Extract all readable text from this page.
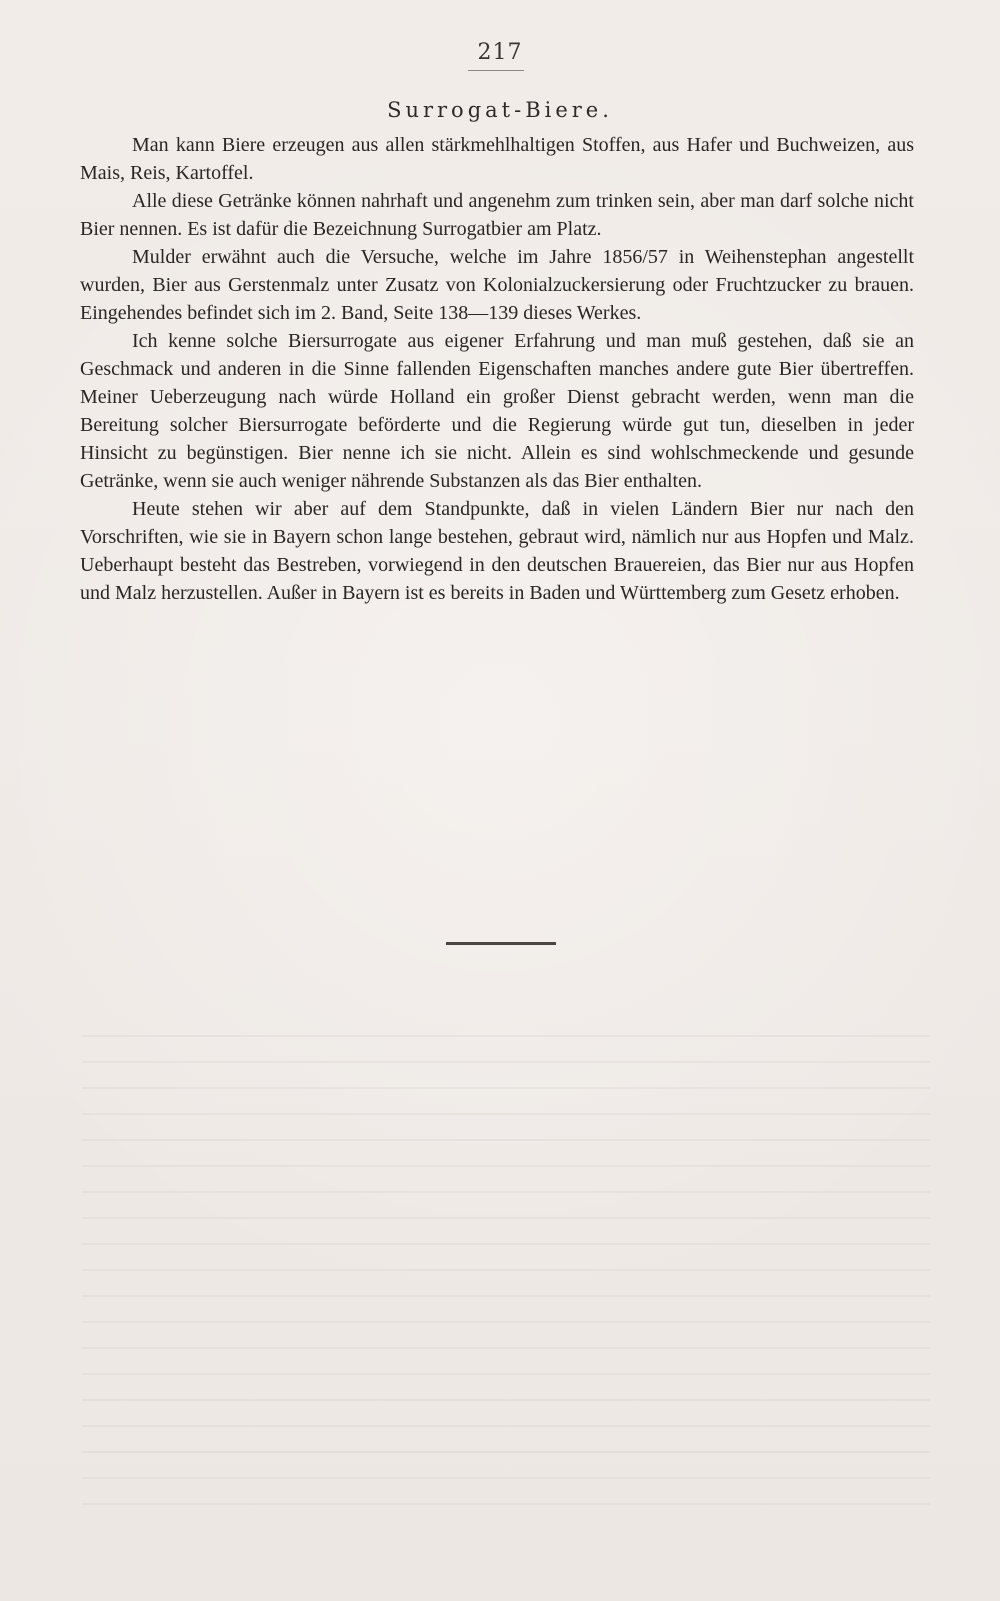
217
Surrogat-Biere.

Man kann Biere erzeugen aus allen stärkmehlhaltigen Stoffen, aus Hafer und Buchweizen, aus Mais, Reis, Kartoffel.

Alle diese Getränke können nahrhaft und angenehm zum trinken sein, aber man darf solche nicht Bier nennen. Es ist dafür die Bezeichnung Surrogatbier am Platz.

Mulder erwähnt auch die Versuche, welche im Jahre 1856/57 in Weihenstephan angestellt wurden, Bier aus Gerstenmalz unter Zusatz von Kolonialzuckersierung oder Fruchtzucker zu brauen. Eingehendes befindet sich im 2. Band, Seite 138—139 dieses Werkes.

Ich kenne solche Biersurrogate aus eigener Erfahrung und man muß gestehen, daß sie an Geschmack und anderen in die Sinne fallenden Eigenschaften manches andere gute Bier übertreffen. Meiner Ueberzeugung nach würde Holland ein großer Dienst gebracht werden, wenn man die Bereitung solcher Biersurrogate beförderte und die Regierung würde gut tun, dieselben in jeder Hinsicht zu begünstigen. Bier nenne ich sie nicht. Allein es sind wohlschmeckende und gesunde Getränke, wenn sie auch weniger nährende Substanzen als das Bier enthalten.

Heute stehen wir aber auf dem Standpunkte, daß in vielen Ländern Bier nur nach den Vorschriften, wie sie in Bayern schon lange bestehen, gebraut wird, nämlich nur aus Hopfen und Malz. Ueberhaupt besteht das Bestreben, vorwiegend in den deutschen Brauereien, das Bier nur aus Hopfen und Malz herzustellen. Außer in Bayern ist es bereits in Baden und Württemberg zum Gesetz erhoben.
